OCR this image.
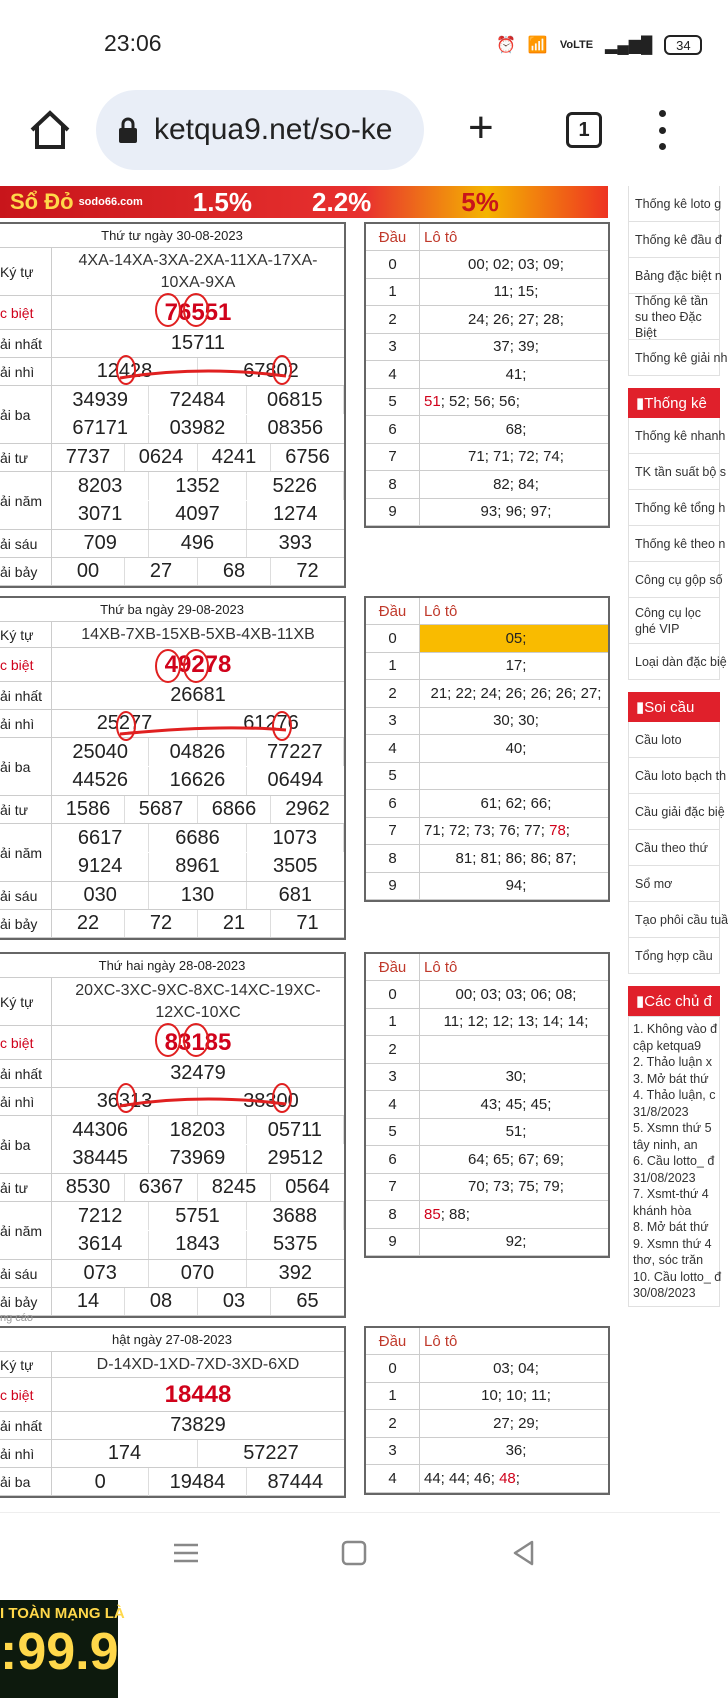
23:06	⏰ 📶 VoLTE ▂▄▆█	34
ketqua9.net/so-ke +	1
Sổ Đỏ sodo66.com 1.5% 2.2%	5%
Thứ tư ngày 30-08-2023
Ký tự
4XA-14XA-3XA-2XA-11XA-17XA-10XA-9XA
c biệt	76551
ải nhất	15711
ải nhì	12428	67802
ải ba
34939	72484	06815
67171	03982	08356
ải tư	7737	0624	4241	6756
ải năm
8203	1352	5226
3071	4097	1274
ải sáu	709	496	393
ải bảy	00	27	68	72
Đầu	Lô tô
0	00; 02; 03; 09;
1	11; 15;
2	24; 26; 27; 28;
3	37; 39;
4	41;
5	51 ; 52; 56; 56;
6	68;
7	71; 71; 72; 74;
8	82; 84;
9	93; 96; 97;
Thứ ba ngày 29-08-2023
Ký tự	14XB-7XB-15XB-5XB-4XB-11XB
c biệt	49278
ải nhất	26681
ải nhì	25277	61276
ải ba
25040	04826	77227
44526	16626	06494
ải tư	1586	5687	6866	2962
ải năm
6617	6686	1073
9124	8961	3505
ải sáu	030	130	681
ải bảy	22	72	21	71
Đầu	Lô tô
0	05;
1	17;
2	21; 22; 24; 26; 26; 26; 27;
3	30; 30;
4	40;
5
6	61; 62; 66;
7	71; 72; 73; 76; 77; 78 ;
8	81; 81; 86; 86; 87;
9	94;
Thứ hai ngày 28-08-2023
Ký tự
20XC-3XC-9XC-8XC-14XC-19XC-12XC-10XC
c biệt	83185
ải nhất	32479
ải nhì	36313	38300
ải ba
44306	18203	05711
38445	73969	29512
ải tư	8530	6367	8245	0564
ải năm
7212	5751	3688
3614	1843	5375
ải sáu	073	070	392
ải bảy	14	08	03	65
Đầu	Lô tô
0	00; 03; 03; 06; 08;
1	11; 12; 12; 13; 14; 14;
2
3	30;
4	43; 45; 45;
5	51;
6	64; 65; 67; 69;
7	70; 73; 75; 79;
8	85 ; 88;
9	92;
hật ngày 27-08-2023
Ký tự	D-14XD-1XD-7XD-3XD-6XD
c biệt	18448
ải nhất	73829
ải nhì	174	57227
ải ba	0	19484	87444
Đầu	Lô tô
0	03; 04;
1	10; 10; 11;
2	27; 29;
3	36;
4	44; 44; 46; 48 ;
ng cáo
I TOÀN MẠNG LÀ
:99.9
Thống kê loto g
Thống kê đầu đ
Bảng đặc biệt n
Thống kê tần su theo Đặc Biệt
Thống kê giải nh
▮ Thống kê
Thống kê nhanh
TK tần suất bộ s
Thống kê tổng h
Thống kê theo n
Công cụ gộp số
Công cụ lọc ghé VIP
Loại dàn đặc biệ
▮ Soi cầu
Cầu loto
Cầu loto bạch th
Cầu giải đặc biệ
Cầu theo thứ
Sổ mơ
Tạo phôi cầu tuầ
Tổng hợp cầu
▮ Các chủ đ
1. Không vào đ
cập ketqua9
2. Thảo luận x
3. Mở bát thứ
4. Thảo luận, c
31/8/2023
5. Xsmn thứ 5
tây ninh, an
6. Cầu lotto_ đ
31/08/2023
7. Xsmt-thứ 4
khánh hòa
8. Mở bát thứ
9. Xsmn thứ 4
thơ, sóc trăn
10. Cầu lotto_ đ
30/08/2023
